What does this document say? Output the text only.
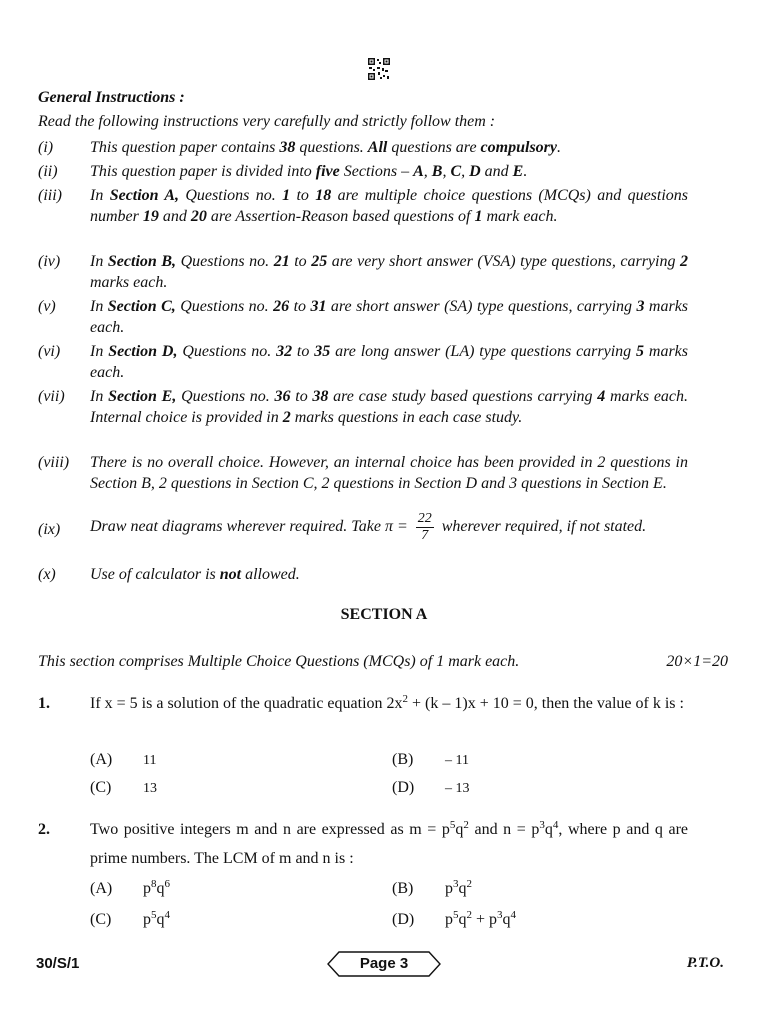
General Instructions :
Read the following instructions very carefully and strictly follow them :
(i) This question paper contains 38 questions. All questions are compulsory.
(ii) This question paper is divided into five Sections – A, B, C, D and E.
(iii) In Section A, Questions no. 1 to 18 are multiple choice questions (MCQs) and questions number 19 and 20 are Assertion-Reason based questions of 1 mark each.
(iv) In Section B, Questions no. 21 to 25 are very short answer (VSA) type questions, carrying 2 marks each.
(v) In Section C, Questions no. 26 to 31 are short answer (SA) type questions, carrying 3 marks each.
(vi) In Section D, Questions no. 32 to 35 are long answer (LA) type questions carrying 5 marks each.
(vii) In Section E, Questions no. 36 to 38 are case study based questions carrying 4 marks each. Internal choice is provided in 2 marks questions in each case study.
(viii) There is no overall choice. However, an internal choice has been provided in 2 questions in Section B, 2 questions in Section C, 2 questions in Section D and 3 questions in Section E.
(ix) Draw neat diagrams wherever required. Take $\pi = \frac{22}{7}$ wherever required, if not stated.
(x) Use of calculator is not allowed.
SECTION A
This section comprises Multiple Choice Questions (MCQs) of 1 mark each.	20×1=20
1.	If x = 5 is a solution of the quadratic equation $2x^2 + (k - 1)x + 10 = 0$, then the value of k is :
(A) 11	(B) – 11
(C) 13	(D) – 13
2.	Two positive integers m and n are expressed as $m = p^5q^2$ and $n = p^3q^4$, where p and q are prime numbers. The LCM of m and n is :
(A) $p^8q^6$	(B) $p^3q^2$
(C) $p^5q^4$	(D) $p^5q^2 + p^3q^4$
30/S/1	Page 3	P.T.O.
